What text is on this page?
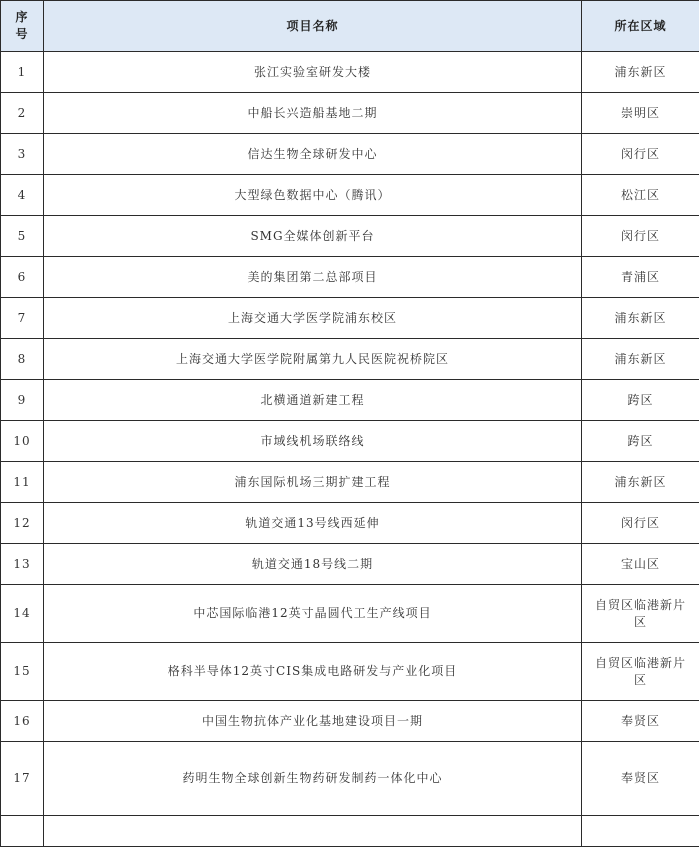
序号	项目名称	所在区域
1	张江实验室研发大楼	浦东新区
2	中船长兴造船基地二期	崇明区
3	信达生物全球研发中心	闵行区
4	大型绿色数据中心（腾讯）	松江区
5	SMG全媒体创新平台	闵行区
6	美的集团第二总部项目	青浦区
7	上海交通大学医学院浦东校区	浦东新区
8	上海交通大学医学院附属第九人民医院祝桥院区	浦东新区
9	北横通道新建工程	跨区
10	市域线机场联络线	跨区
11	浦东国际机场三期扩建工程	浦东新区
12	轨道交通13号线西延伸	闵行区
13	轨道交通18号线二期	宝山区
14	中芯国际临港12英寸晶圆代工生产线项目	自贸区临港新片区
15	格科半导体12英寸CIS集成电路研发与产业化项目	自贸区临港新片区
16	中国生物抗体产业化基地建设项目一期	奉贤区
17	药明生物全球创新生物药研发制药一体化中心	奉贤区
